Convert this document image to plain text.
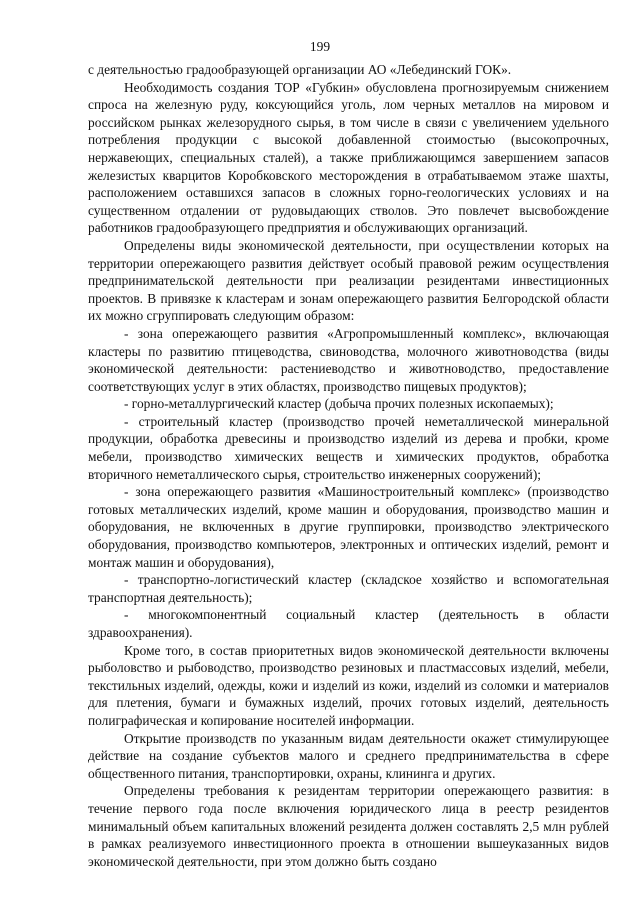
199

с деятельностью градообразующей организации АО «Лебединский ГОК».

Необходимость создания ТОР «Губкин» обусловлена прогнозируемым снижением спроса на железную руду, коксующийся уголь, лом черных металлов на мировом и российском рынках железорудного сырья, в том числе в связи с увеличением удельного потребления продукции с высокой добавленной стоимостью (высокопрочных, нержавеющих, специальных сталей), а также приближающимся завершением запасов железистых кварцитов Коробковского месторождения в отрабатываемом этаже шахты, расположением оставшихся запасов в сложных горно-геологических условиях и на существенном отдалении от рудовыдающих стволов. Это повлечет высвобождение работников градообразующего предприятия и обслуживающих организаций.

Определены виды экономической деятельности, при осуществлении которых на территории опережающего развития действует особый правовой режим осуществления предпринимательской деятельности при реализации резидентами инвестиционных проектов. В привязке к кластерам и зонам опережающего развития Белгородской области их можно сгруппировать следующим образом:

- зона опережающего развития «Агропромышленный комплекс», включающая кластеры по развитию птицеводства, свиноводства, молочного животноводства (виды экономической деятельности: растениеводство и животноводство, предоставление соответствующих услуг в этих областях, производство пищевых продуктов);

- горно-металлургический кластер (добыча прочих полезных ископаемых);

- строительный кластер (производство прочей неметаллической минеральной продукции, обработка древесины и производство изделий из дерева и пробки, кроме мебели, производство химических веществ и химических продуктов, обработка вторичного неметаллического сырья, строительство инженерных сооружений);

- зона опережающего развития «Машиностроительный комплекс» (производство готовых металлических изделий, кроме машин и оборудования, производство машин и оборудования, не включенных в другие группировки, производство электрического оборудования, производство компьютеров, электронных и оптических изделий, ремонт и монтаж машин и оборудования),

- транспортно-логистический кластер (складское хозяйство и вспомогательная транспортная деятельность);

- многокомпонентный социальный кластер (деятельность в области здравоохранения).

Кроме того, в состав приоритетных видов экономической деятельности включены рыболовство и рыбоводство, производство резиновых и пластмассовых изделий, мебели, текстильных изделий, одежды, кожи и изделий из кожи, изделий из соломки и материалов для плетения, бумаги и бумажных изделий, прочих готовых изделий, деятельность полиграфическая и копирование носителей информации.

Открытие производств по указанным видам деятельности окажет стимулирующее действие на создание субъектов малого и среднего предпринимательства в сфере общественного питания, транспортировки, охраны, клининга и других.

Определены требования к резидентам территории опережающего развития: в течение первого года после включения юридического лица в реестр резидентов минимальный объем капитальных вложений резидента должен составлять 2,5 млн рублей в рамках реализуемого инвестиционного проекта в отношении вышеуказанных видов экономической деятельности, при этом должно быть создано
